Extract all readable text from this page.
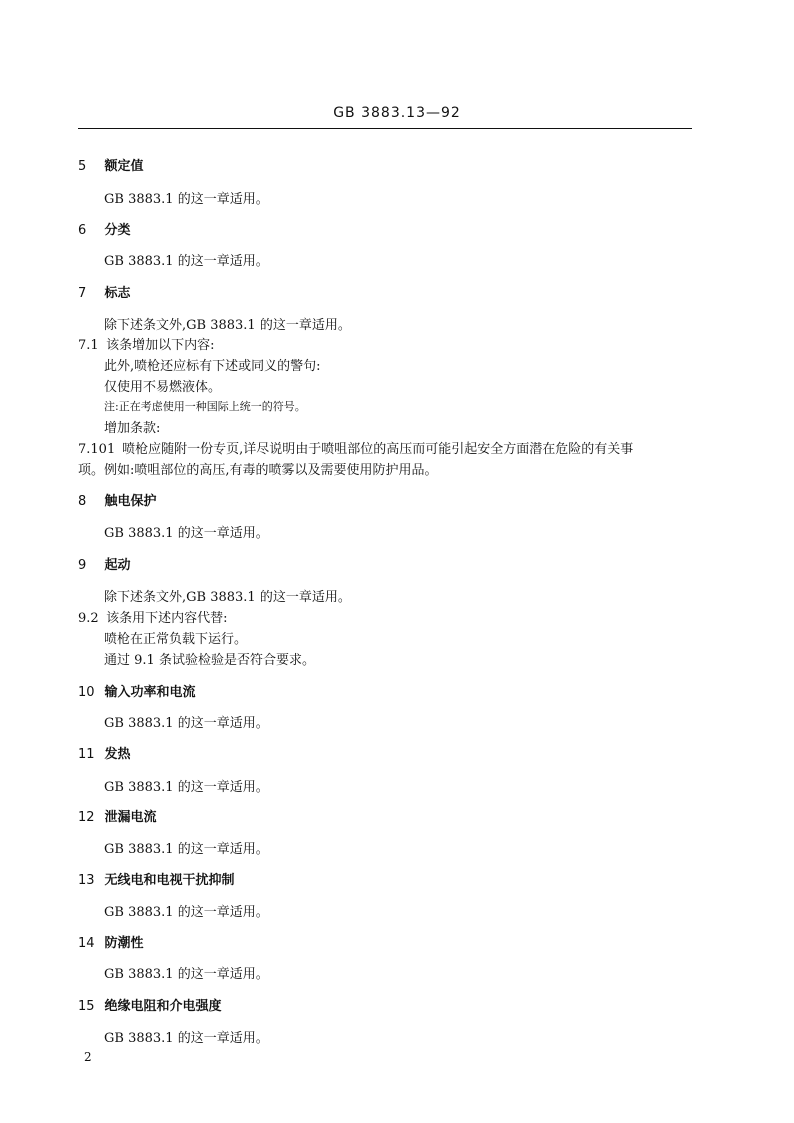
GB 3883.13—92
5 额定值
GB 3883.1 的这一章适用。
6 分类
GB 3883.1 的这一章适用。
7 标志
除下述条文外,GB 3883.1 的这一章适用。
7.1 该条增加以下内容:
此外,喷枪还应标有下述或同义的警句:
仅使用不易燃液体。
注:正在考虑使用一种国际上统一的符号。
增加条款:
7.101 喷枪应随附一份专页,详尽说明由于喷咀部位的高压而可能引起安全方面潜在危险的有关事
项。例如:喷咀部位的高压,有毒的喷雾以及需要使用防护用品。
8 触电保护
GB 3883.1 的这一章适用。
9 起动
除下述条文外,GB 3883.1 的这一章适用。
9.2 该条用下述内容代替:
喷枪在正常负载下运行。
通过 9.1 条试验检验是否符合要求。
10 输入功率和电流
GB 3883.1 的这一章适用。
11 发热
GB 3883.1 的这一章适用。
12 泄漏电流
GB 3883.1 的这一章适用。
13 无线电和电视干扰抑制
GB 3883.1 的这一章适用。
14 防潮性
GB 3883.1 的这一章适用。
15 绝缘电阻和介电强度
GB 3883.1 的这一章适用。
2
